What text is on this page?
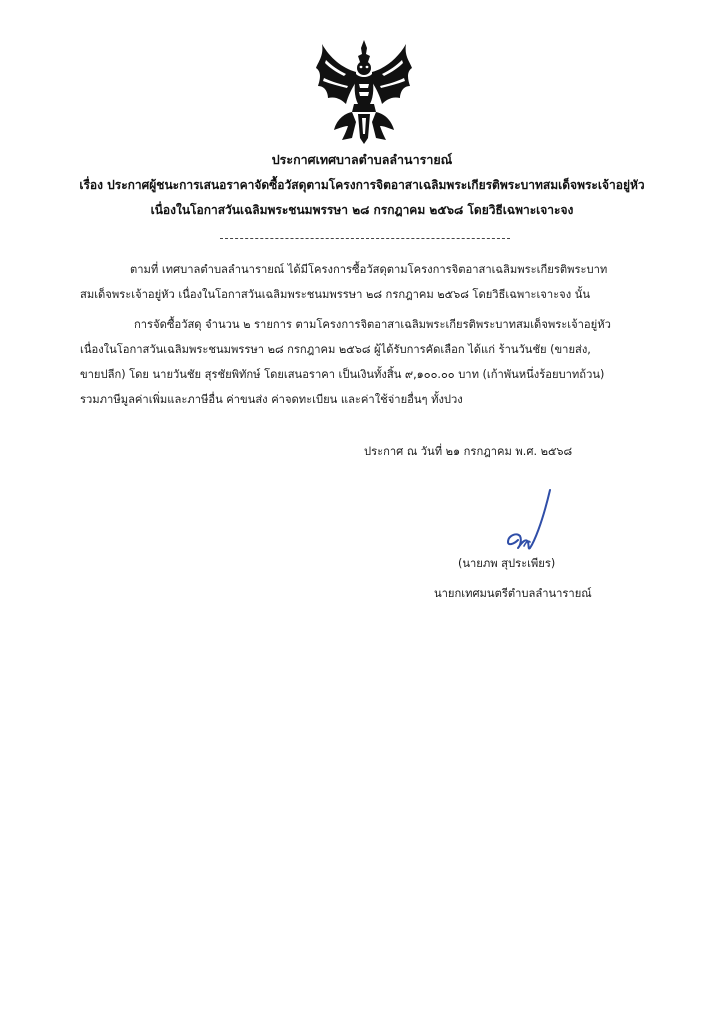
ประกาศเทศบาลตำบลลำนารายณ์
เรื่อง ประกาศผู้ชนะการเสนอราคาจัดซื้อวัสดุตามโครงการจิตอาสาเฉลิมพระเกียรติพระบาทสมเด็จพระเจ้าอยู่หัว
เนื่องในโอกาสวันเฉลิมพระชนมพรรษา ๒๘ กรกฎาคม ๒๕๖๘ โดยวิธีเฉพาะเจาะจง
ตามที่ เทศบาลตำบลลำนารายณ์ ได้มีโครงการซื้อวัสดุตามโครงการจิตอาสาเฉลิมพระเกียรติพระบาท
สมเด็จพระเจ้าอยู่หัว เนื่องในโอกาสวันเฉลิมพระชนมพรรษา ๒๘ กรกฎาคม ๒๕๖๘ โดยวิธีเฉพาะเจาะจง นั้น
การจัดซื้อวัสดุ จำนวน ๒ รายการ ตามโครงการจิตอาสาเฉลิมพระเกียรติพระบาทสมเด็จพระเจ้าอยู่หัว
เนื่องในโอกาสวันเฉลิมพระชนมพรรษา ๒๘ กรกฎาคม ๒๕๖๘ ผู้ได้รับการคัดเลือก ได้แก่ ร้านวันชัย (ขายส่ง,
ขายปลีก) โดย นายวันชัย สุรชัยพิทักษ์ โดยเสนอราคา เป็นเงินทั้งสิ้น ๙,๑๐๐.๐๐ บาท (เก้าพันหนึ่งร้อยบาทถ้วน)
รวมภาษีมูลค่าเพิ่มและภาษีอื่น ค่าขนส่ง ค่าจดทะเบียน และค่าใช้จ่ายอื่นๆ ทั้งปวง
ประกาศ ณ วันที่ ๒๑ กรกฎาคม พ.ศ. ๒๕๖๘
(นายภพ สุประเพียร)
นายกเทศมนตรีตำบลลำนารายณ์
